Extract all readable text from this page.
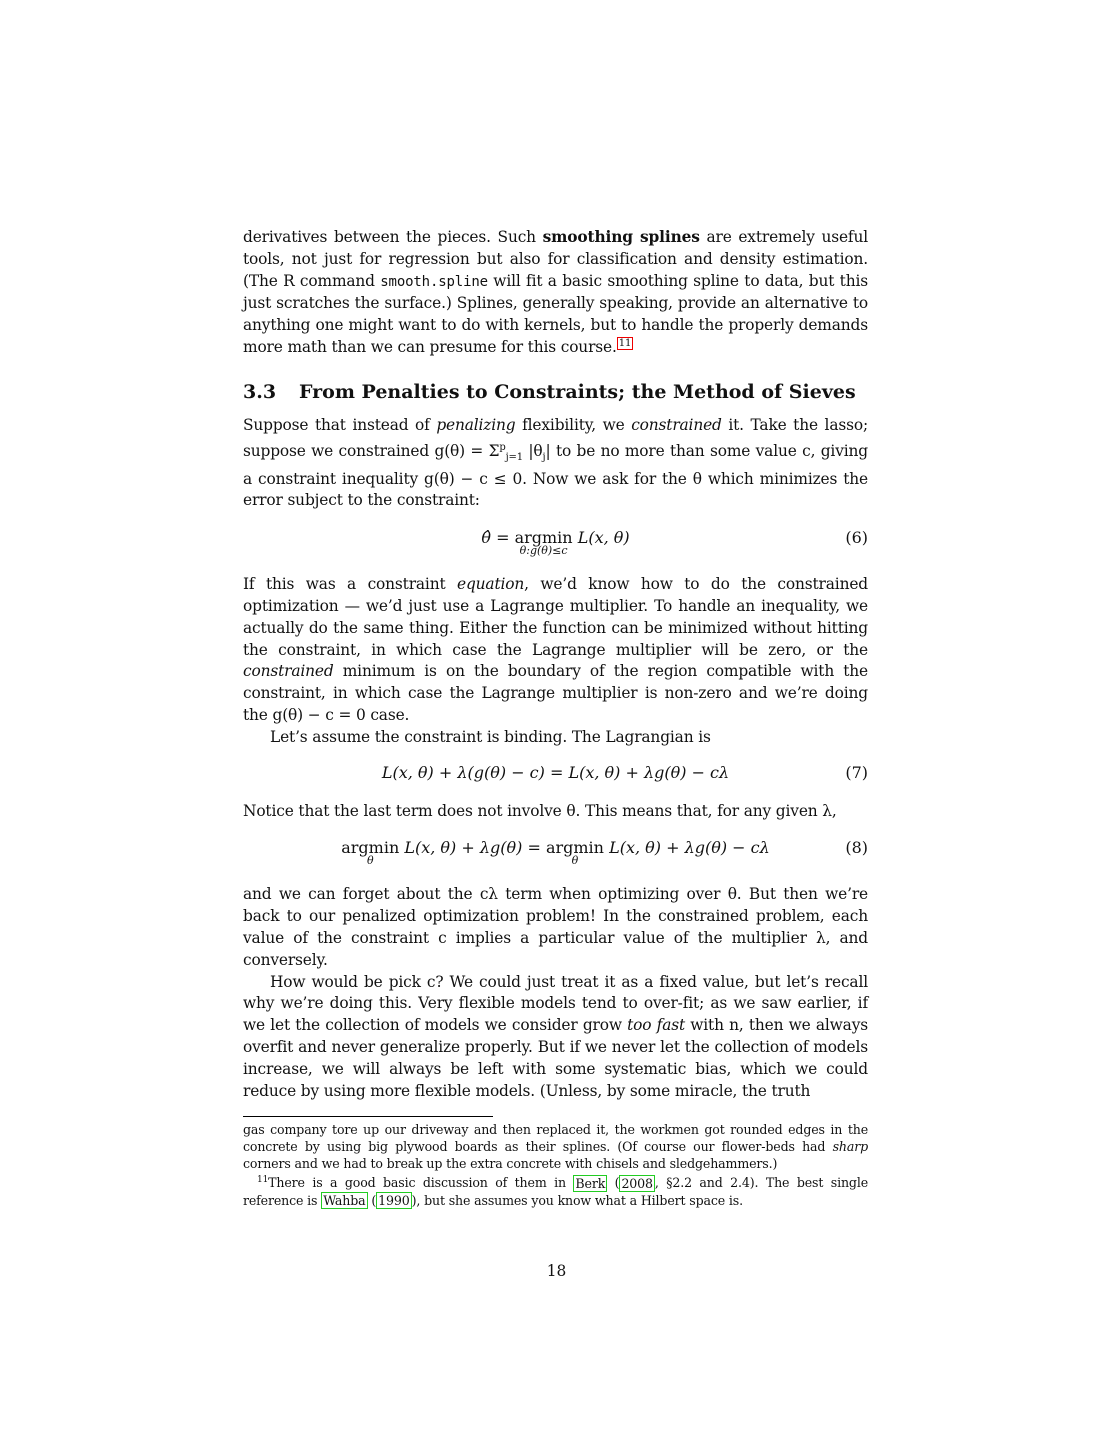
derivatives between the pieces. Such smoothing splines are extremely useful tools, not just for regression but also for classification and density estimation. (The R command smooth.spline will fit a basic smoothing spline to data, but this just scratches the surface.) Splines, generally speaking, provide an alternative to anything one might want to do with kernels, but to handle the properly demands more math than we can presume for this course. $^{11}$

3.3	From Penalties to Constraints; the Method of Sieves

Suppose that instead of penalizing flexibility, we constrained it. Take the lasso; suppose we constrained $g(\theta) = \Sigma^p_{j=1}$ $|\theta_j|$ to be no more than some value c, giving a constraint inequality g(θ) − c ≤ 0. Now we ask for the θ which minimizes the error subject to the constraint:

θ̂ = argmin
θ:g(θ)≤c
L(x, θ)	(6)

If this was a constraint equation, we’d know how to do the constrained optimization — we’d just use a Lagrange multiplier. To handle an inequality, we actually do the same thing. Either the function can be minimized without hitting the constraint, in which case the Lagrange multiplier will be zero, or the constrained minimum is on the boundary of the region compatible with the constraint, in which case the Lagrange multiplier is non-zero and we’re doing the g(θ) − c = 0 case.

Let’s assume the constraint is binding. The Lagrangian is

L(x, θ) + λ(g(θ) − c) = L(x, θ) + λg(θ) − cλ	(7)

Notice that the last term does not involve θ. This means that, for any given λ,

argmin
θ
L(x, θ) + λg(θ) = argmin
θ
L(x, θ) + λg(θ) − cλ	(8)

and we can forget about the cλ term when optimizing over θ. But then we’re back to our penalized optimization problem! In the constrained problem, each value of the constraint c implies a particular value of the multiplier λ, and conversely.

How would be pick c? We could just treat it as a fixed value, but let’s recall why we’re doing this. Very flexible models tend to over-fit; as we saw earlier, if we let the collection of models we consider grow too fast with n, then we always overfit and never generalize properly. But if we never let the collection of models increase, we will always be left with some systematic bias, which we could reduce by using more flexible models. (Unless, by some miracle, the truth

gas company tore up our driveway and then replaced it, the workmen got rounded edges in the concrete by using big plywood boards as their splines. (Of course our flower-beds had sharp corners and we had to break up the extra concrete with chisels and sledgehammers.)

$^{11}$There is a good basic discussion of them in Berk ( 2008 , §2.2 and 2.4). The best single reference is Wahba ( 1990 ), but she assumes you know what a Hilbert space is.

18
